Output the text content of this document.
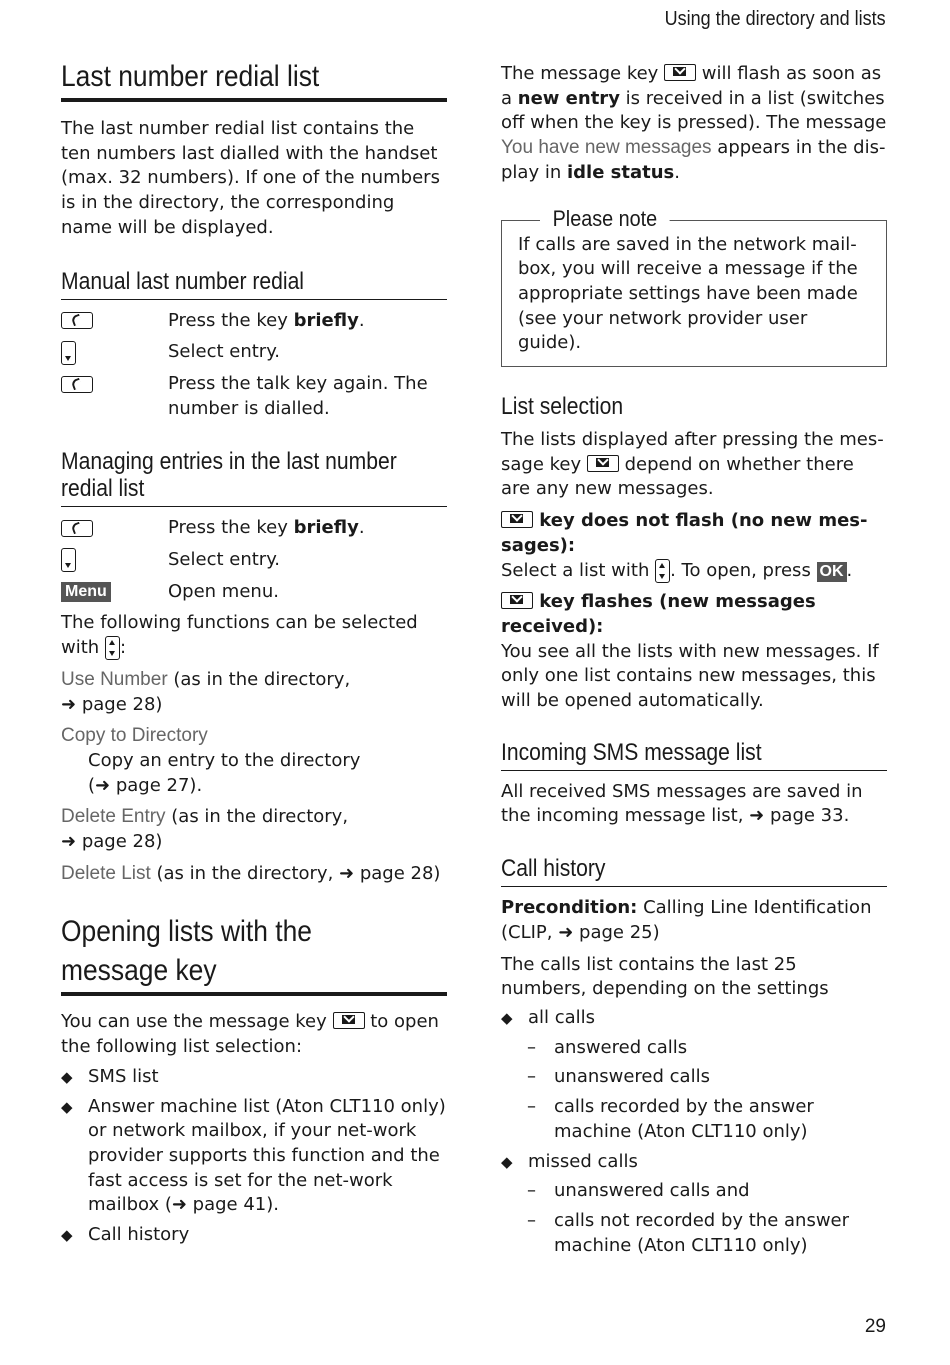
Using the directory and lists
Last number redial list

The last number redial list contains the ten numbers last dialled with the handset (max. 32 numbers). If one of the numbers is in the directory, the corresponding name will be displayed.

Manual last number redial
Press the key briefly.
Select entry.
Press the talk key again. The number is dialled.
Managing entries in the last number redial list
Press the key briefly.
Select entry.
Menu	Open menu.

The following functions can be selected with :

Use Number (as in the directory,
➜ page 28)

Copy to Directory

Copy an entry to the directory
(➜ page 27).

Delete Entry (as in the directory,
➜ page 28)

Delete List (as in the directory, ➜ page 28)

Opening lists with the
message key

You can use the message key  to open the following list selection:

◆ SMS list
◆ Answer machine list (Aton CLT110 only) or network mailbox, if your net-work provider supports this function and the fast access is set for the net-work mailbox (➜ page 41).
◆ Call history

The message key  will flash as soon as a new entry is received in a list (switches off when the key is pressed). The message You have new messages appears in the dis-play in idle status.

Please note

If calls are saved in the network mail-box, you will receive a message if the appropriate settings have been made (see your network provider user guide).

List selection

The lists displayed after pressing the mes-sage key  depend on whether there are any new messages.

key does not flash (no new mes-sages):

Select a list with
. To open, press OK .

key flashes (new messages received):

You see all the lists with new messages. If only one list contains new messages, this will be opened automatically.

Incoming SMS message list

All received SMS messages are saved in the incoming message list, ➜ page 33.

Call history

Precondition: Calling Line Identification (CLIP, ➜ page 25)

The calls list contains the last 25 numbers, depending on the settings

◆ all calls
– answered calls
– unanswered calls
– calls recorded by the answer machine (Aton CLT110 only)
◆ missed calls
– unanswered calls and
– calls not recorded by the answer machine (Aton CLT110 only)
29
